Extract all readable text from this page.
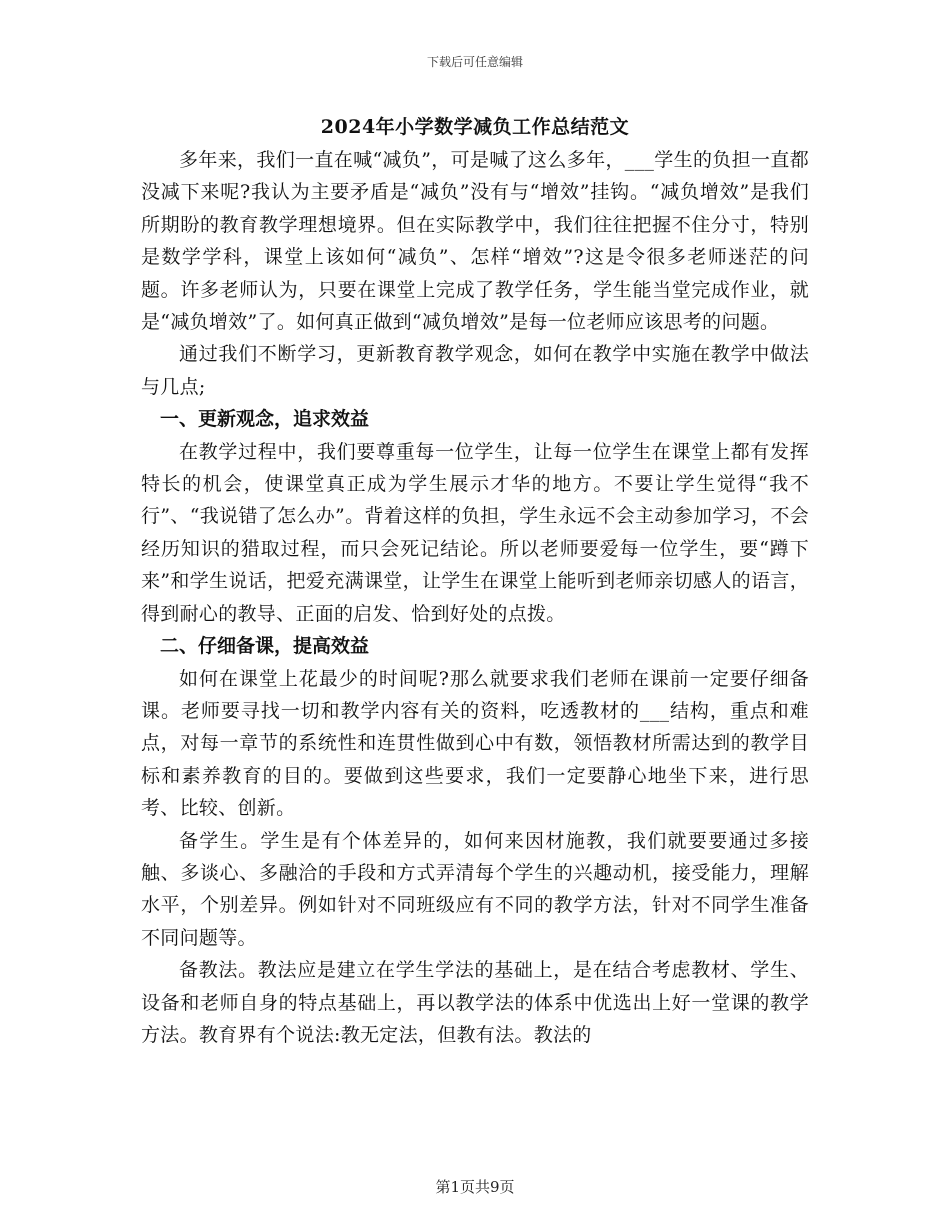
下载后可任意编辑
2024年小学数学减负工作总结范文

多年来，我们一直在喊“减负”，可是喊了这么多年，___学生的负担一直都没减下来呢?我认为主要矛盾是“减负”没有与“增效”挂钩。“减负增效”是我们所期盼的教育教学理想境界。但在实际教学中，我们往往把握不住分寸，特别是数学学科，课堂上该如何“减负”、怎样“增效”?这是令很多老师迷茫的问题。许多老师认为，只要在课堂上完成了教学任务，学生能当堂完成作业，就是“减负增效”了。如何真正做到“减负增效”是每一位老师应该思考的问题。

通过我们不断学习，更新教育教学观念，如何在教学中实施在教学中做法与几点;

一、更新观念，追求效益

在教学过程中，我们要尊重每一位学生，让每一位学生在课堂上都有发挥特长的机会，使课堂真正成为学生展示才华的地方。不要让学生觉得“我不行”、“我说错了怎么办”。背着这样的负担，学生永远不会主动参加学习，不会经历知识的猎取过程，而只会死记结论。所以老师要爱每一位学生，要“蹲下来”和学生说话，把爱充满课堂，让学生在课堂上能听到老师亲切感人的语言，得到耐心的教导、正面的启发、恰到好处的点拨。

二、仔细备课，提高效益

如何在课堂上花最少的时间呢?那么就要求我们老师在课前一定要仔细备课。老师要寻找一切和教学内容有关的资料，吃透教材的___结构，重点和难点，对每一章节的系统性和连贯性做到心中有数，领悟教材所需达到的教学目标和素养教育的目的。要做到这些要求，我们一定要静心地坐下来，进行思考、比较、创新。

备学生。学生是有个体差异的，如何来因材施教，我们就要要通过多接触、多谈心、多融洽的手段和方式弄清每个学生的兴趣动机，接受能力，理解水平，个别差异。例如针对不同班级应有不同的教学方法，针对不同学生准备不同问题等。

备教法。教法应是建立在学生学法的基础上，是在结合考虑教材、学生、设备和老师自身的特点基础上，再以教学法的体系中优选出上好一堂课的教学方法。教育界有个说法:教无定法，但教有法。教法的

第1页共9页
